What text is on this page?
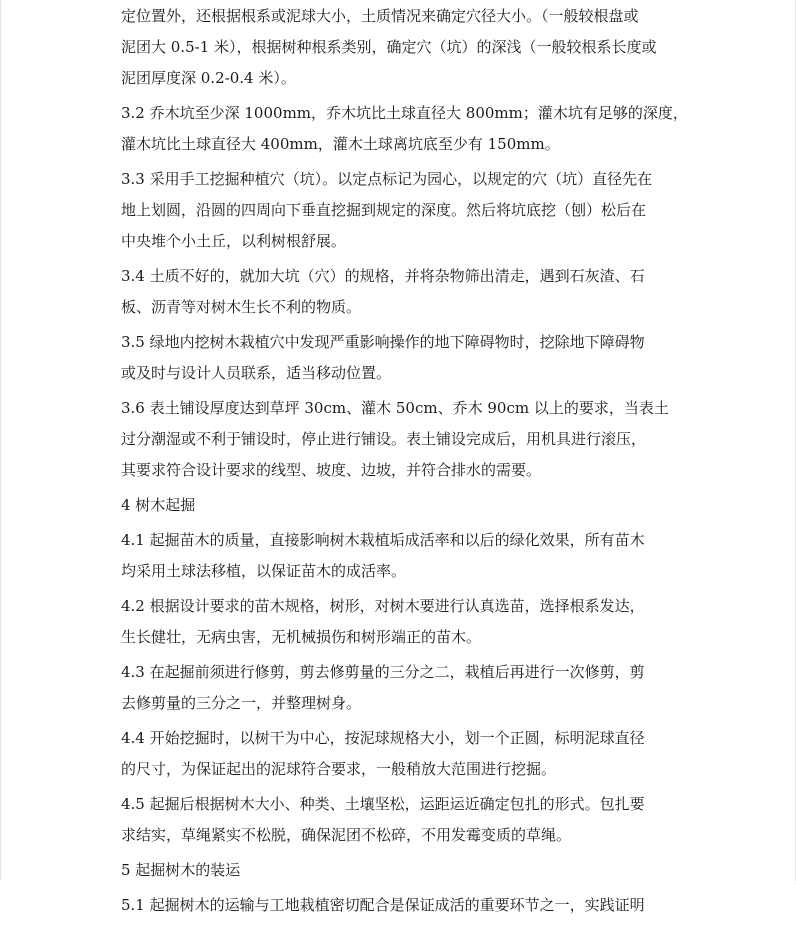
定位置外，还根据根系或泥球大小，土质情况来确定穴径大小。（一般较根盘或
泥团大 0.5-1 米），根据树种根系类别，确定穴（坑）的深浅（一般较根系长度或
泥团厚度深 0.2-0.4 米）。
3.2 乔木坑至少深 1000mm，乔木坑比土球直径大 800mm；灌木坑有足够的深度，
灌木坑比土球直径大 400mm，灌木土球离坑底至少有 150mm。
3.3 采用手工挖掘种植穴（坑）。以定点标记为园心，以规定的穴（坑）直径先在
地上划圆，沿圆的四周向下垂直挖掘到规定的深度。然后将坑底挖（刨）松后在
中央堆个小土丘，以利树根舒展。
3.4 土质不好的，就加大坑（穴）的规格，并将杂物筛出清走，遇到石灰渣、石
板、沥青等对树木生长不利的物质。
3.5 绿地内挖树木栽植穴中发现严重影响操作的地下障碍物时，挖除地下障碍物
或及时与设计人员联系，适当移动位置。
3.6 表土铺设厚度达到草坪 30cm、灌木 50cm、乔木 90cm 以上的要求，当表土
过分潮湿或不利于铺设时，停止进行铺设。表土铺设完成后，用机具进行滚压，
其要求符合设计要求的线型、坡度、边坡，并符合排水的需要。
4 树木起掘
4.1 起掘苗木的质量，直接影响树木栽植垢成活率和以后的绿化效果，所有苗木
均采用土球法移植，以保证苗木的成活率。
4.2 根据设计要求的苗木规格，树形，对树木要进行认真选苗，选择根系发达，
生长健壮，无病虫害，无机械损伤和树形端正的苗木。
4.3 在起掘前须进行修剪，剪去修剪量的三分之二，栽植后再进行一次修剪，剪
去修剪量的三分之一，并整理树身。
4.4 开始挖掘时，以树干为中心，按泥球规格大小，划一个正圆，标明泥球直径
的尺寸，为保证起出的泥球符合要求，一般稍放大范围进行挖掘。
4.5 起掘后根据树木大小、种类、土壤坚松，运距运近确定包扎的形式。包扎要
求结实，草绳紧实不松脱，确保泥团不松碎，不用发霉变质的草绳。
5 起掘树木的装运
5.1 起掘树木的运输与工地栽植密切配合是保证成活的重要环节之一，实践证明
